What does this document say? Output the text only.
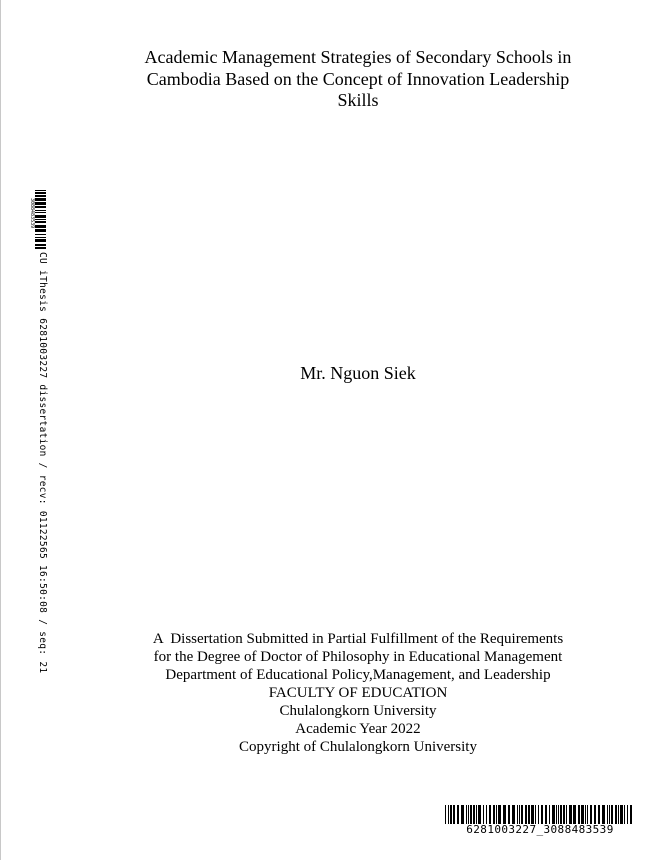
Academic Management Strategies of Secondary Schools in
Cambodia Based on the Concept of Innovation Leadership
Skills
Mr. Nguon Siek
A  Dissertation Submitted in Partial Fulfillment of the Requirements
for the Degree of Doctor of Philosophy in Educational Management
Department of Educational Policy,Management, and Leadership
FACULTY OF EDUCATION
Chulalongkorn University
Academic Year 2022
Copyright of Chulalongkorn University
3088483539
CU iThesis 6281003227 dissertation / recv: 01122565 16:50:08 / seq: 21
6281003227_3088483539
